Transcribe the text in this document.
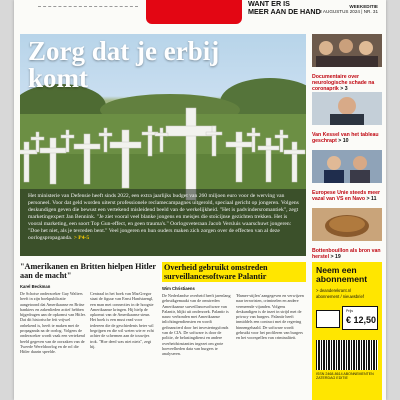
WANT ER IS
MEER AAN DE HAND
WEEKEDITIE
2 AUGUSTUS 2024 | NR. 31
Zorg dat je erbij
komt
Het ministerie van Defensie heeft sinds 2022, een extra jaarlijks budget van 260 miljoen euro voor de werving van personeel. Voor dat geld worden uiterst professionele reclamecampagnes uitgerold, speciaal gericht op jongeren. Volgens deskundigen geven die bewust een vertekend misleidend beeld van de werkelijkheid. "Het is padvindersromantiek", zegt marketingexpert Jan Bennink. "Je ziet vooral veel blanke jongens en meisjes die stoïcijnse gezichten trekken. Het is vooral marketing, een soort Top Gun-effect, en geen trauma's." Oorlogsveteraan Jacob Versluis waarschuwt jongeren: "Doe het niet, als je tevreden bent." Veel jongeren en hun ouders maken zich zorgen over de effecten van al deze oorlogspropaganda. > P4-5
Documentaire over neurologische schade na coronaprik > 3
Van Kessel van het tableau geschrapt > 10
Europese Unie steeds meer vazal van VS en Navo > 11
Bottenbouillon als bron van herstel > 19
"Amerikanen en Britten hielpen Hitler aan de macht"
Karel Beckman
De Schotse onderzoeker Guy Walters heeft in zijn boekpublicatie aangetoond dat Amerikaanse en Britse bankiers en zakenlieden actief hebben bijgedragen aan de opkomst van Hitler. Dat dit historische feit vrijwel onbekend is, heeft te maken met de propaganda na de oorlog. Volgens de onderzoeker wordt vaak een vertekend beeld gegeven van de oorzaken van de Tweede Wereldoorlog en de rol die Hitler daarin speelde.
Centraal in het boek van MacGregor staat de figuur van Ernst Hanfstaengl, een man met connecties in de hoogste Amerikaanse kringen. Hij hielp de opkomst van de Amerikaanse steun. Het boek is een must read voor iedereen die de geschiedenis beter wil begrijpen en die wil weten wie er echt achter de schermen aan de touwtjes trok. "Hoe deed was niet niets", zegt hij.
Overheid gebruikt omstreden surveillancesoftware Palantir
Wim Christiaens
De Nederlandse overheid heeft jarenlang gebruikgemaakt van de omstreden Amerikaanse surveillancesoftware van Palantir, blijkt uit onderzoek. Palantir is nauw verbonden met Amerikaanse inlichtingendiensten en wordt gefinancierd door het investeringsfonds van de CIA. De software is door de politie, de belastingdienst en andere overheidsinstanties ingezet om grote hoeveelheden data van burgers te analyseren.
'Hamer-stijlen' aangegeven en verwijzen naar terroristen, criminelen en andere vermeende vijanden. Volgens deskundigen is de inzet in strijd met de privacy van burgers. Palantir heeft inmiddels een contract met de regering binnengehaald. De software wordt gebruikt voor het profileren van burgers en het voorspellen van criminaliteit.
Neem een abonnement
> deanderekrant.nl
abonnement / nieuwsbrief
Prijs
€ 12,50
ISSN 2468-8614 ABONNEMENTEN ZATERDAG EDITIE
